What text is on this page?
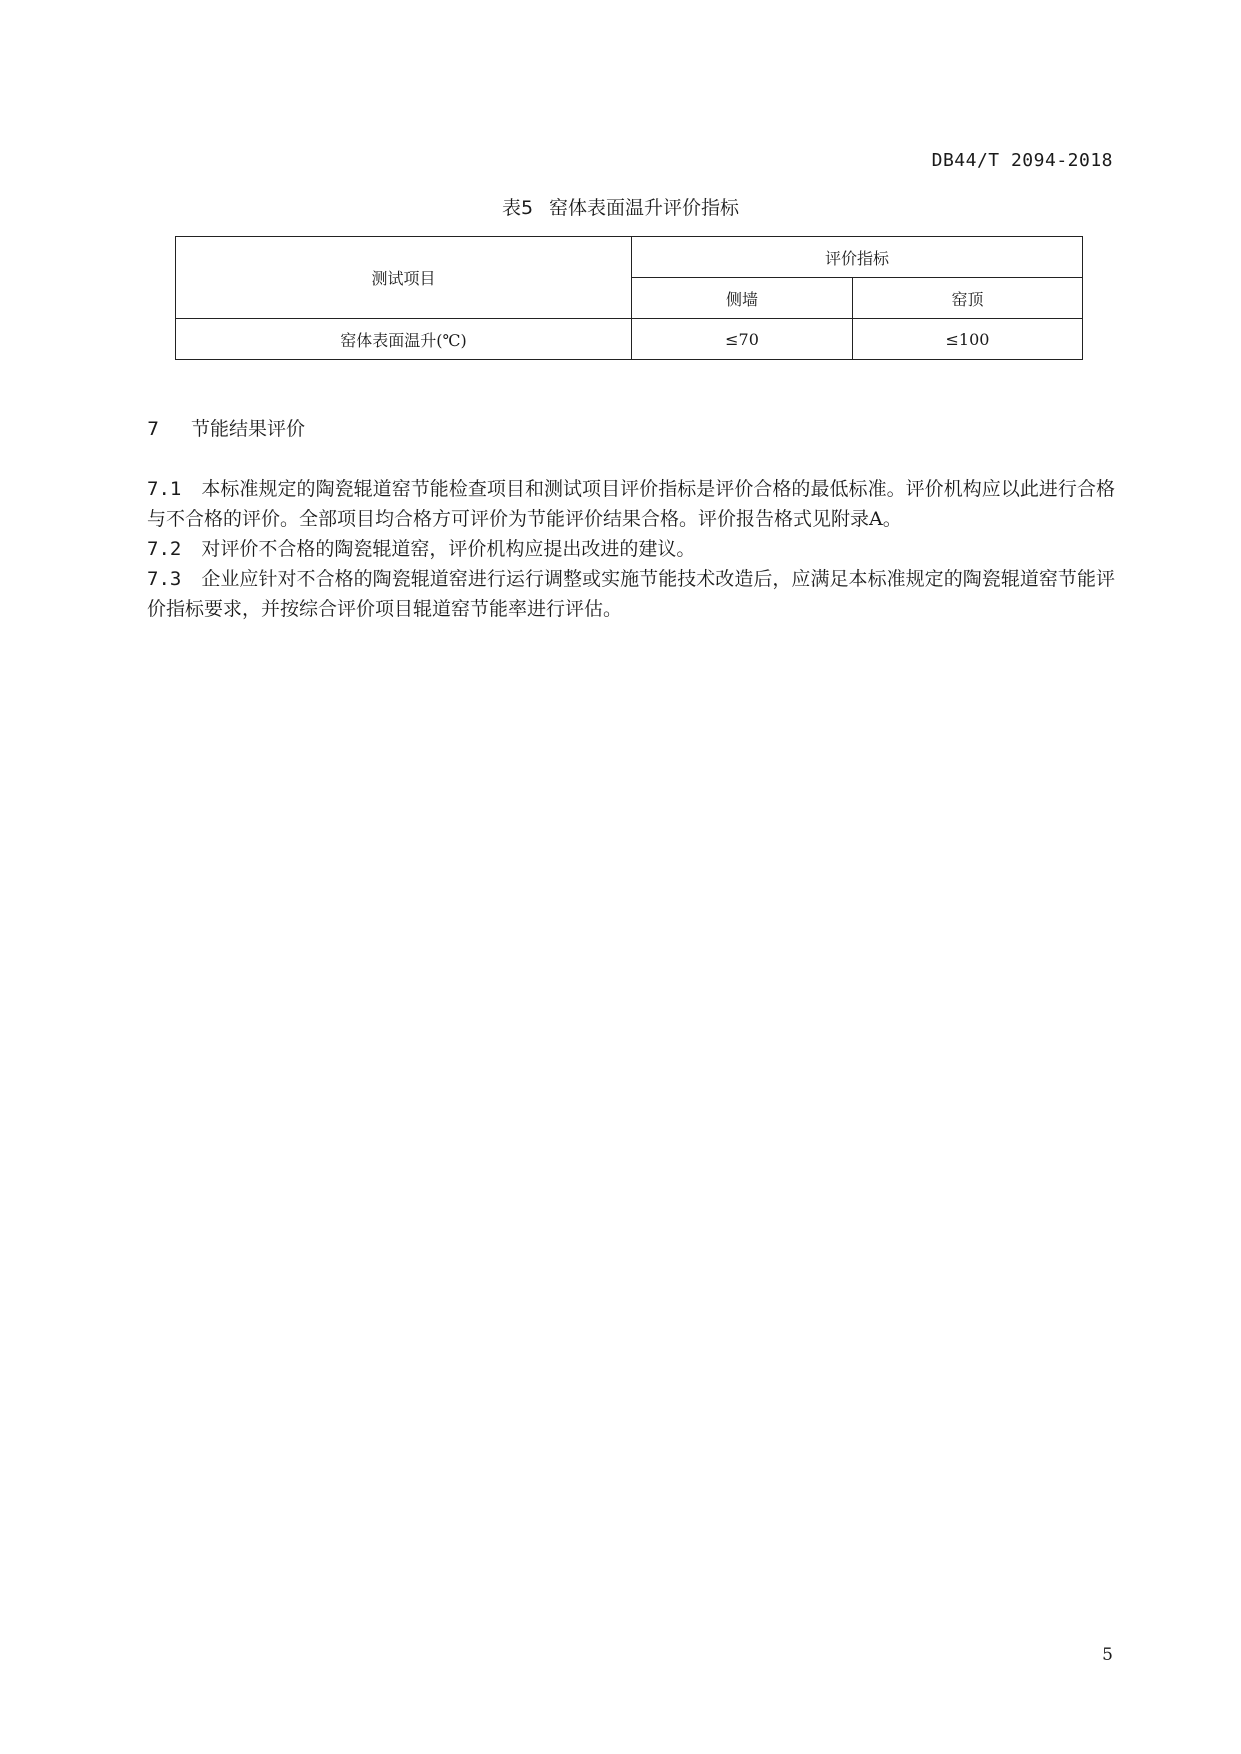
DB44/T 2094-2018
表5 窑体表面温升评价指标
测试项目	评价指标	
	侧墙	窑顶
窑体表面温升(℃)	≤70	≤100
7 节能结果评价

7.1 本标准规定的陶瓷辊道窑节能检查项目和测试项目评价指标是评价合格的最低标准。评价机构应以此进行合格与不合格的评价。全部项目均合格方可评价为节能评价结果合格。评价报告格式见附录A。

7.2 对评价不合格的陶瓷辊道窑，评价机构应提出改进的建议。

7.3 企业应针对不合格的陶瓷辊道窑进行运行调整或实施节能技术改造后，应满足本标准规定的陶瓷辊道窑节能评价指标要求，并按综合评价项目辊道窑节能率进行评估。

5
